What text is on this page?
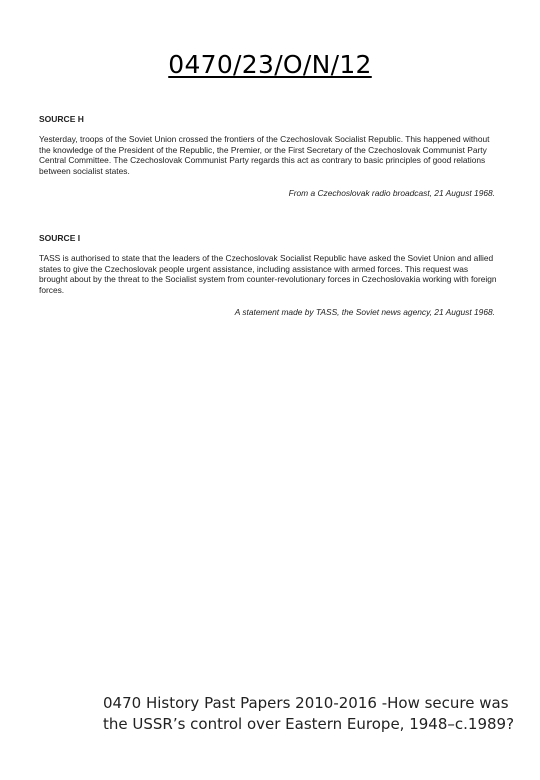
0470/23/O/N/12
SOURCE H

Yesterday, troops of the Soviet Union crossed the frontiers of the Czechoslovak Socialist Republic. This happened without the knowledge of the President of the Republic, the Premier, or the First Secretary of the Czechoslovak Communist Party Central Committee. The Czechoslovak Communist Party regards this act as contrary to basic principles of good relations between socialist states.

From a Czechoslovak radio broadcast, 21 August 1968.
SOURCE I

TASS is authorised to state that the leaders of the Czechoslovak Socialist Republic have asked the Soviet Union and allied states to give the Czechoslovak people urgent assistance, including assistance with armed forces. This request was brought about by the threat to the Socialist system from counter-revolutionary forces in Czechoslovakia working with foreign forces.

A statement made by TASS, the Soviet news agency, 21 August 1968.
0470 History Past Papers 2010-2016 -How secure was the USSR’s control over Eastern Europe, 1948–c.1989?
